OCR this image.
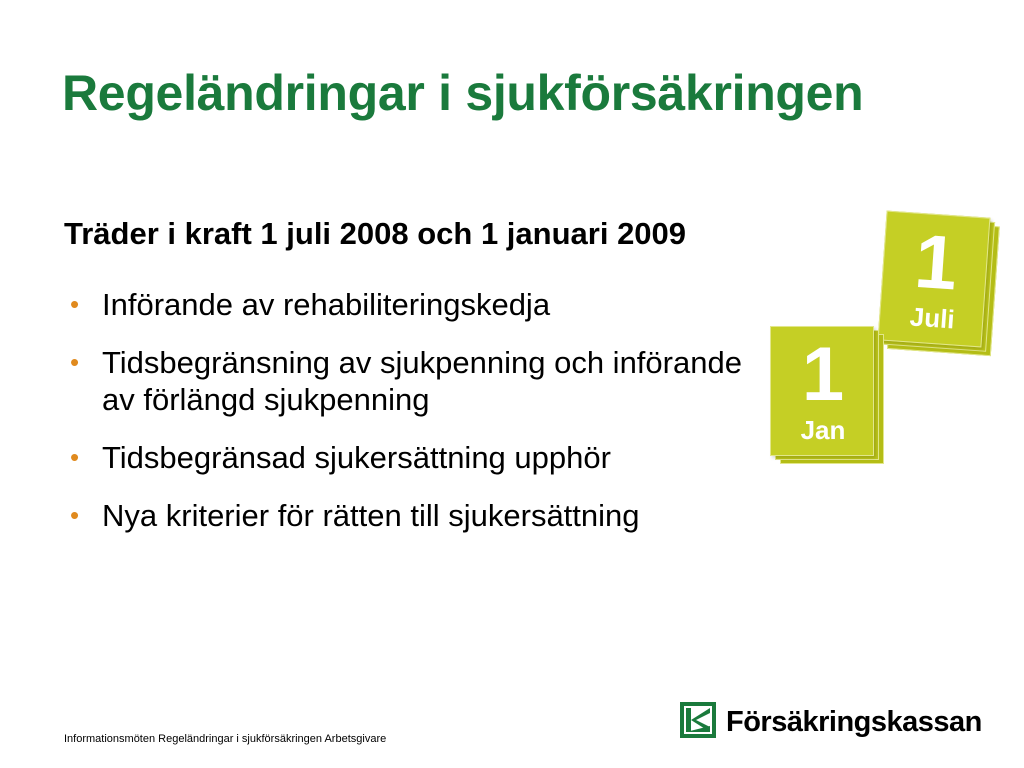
Regeländringar i sjukförsäkringen

Träder i kraft 1 juli 2008 och 1 januari 2009

• Införande av rehabiliteringskedja
• Tidsbegränsning av sjukpenning och införande av förlängd sjukpenning
• Tidsbegränsad sjukersättning upphör
• Nya kriterier för rätten till sjukersättning
1
Juli
1
Jan
Informationsmöten Regeländringar i sjukförsäkringen Arbetsgivare
Försäkringskassan
